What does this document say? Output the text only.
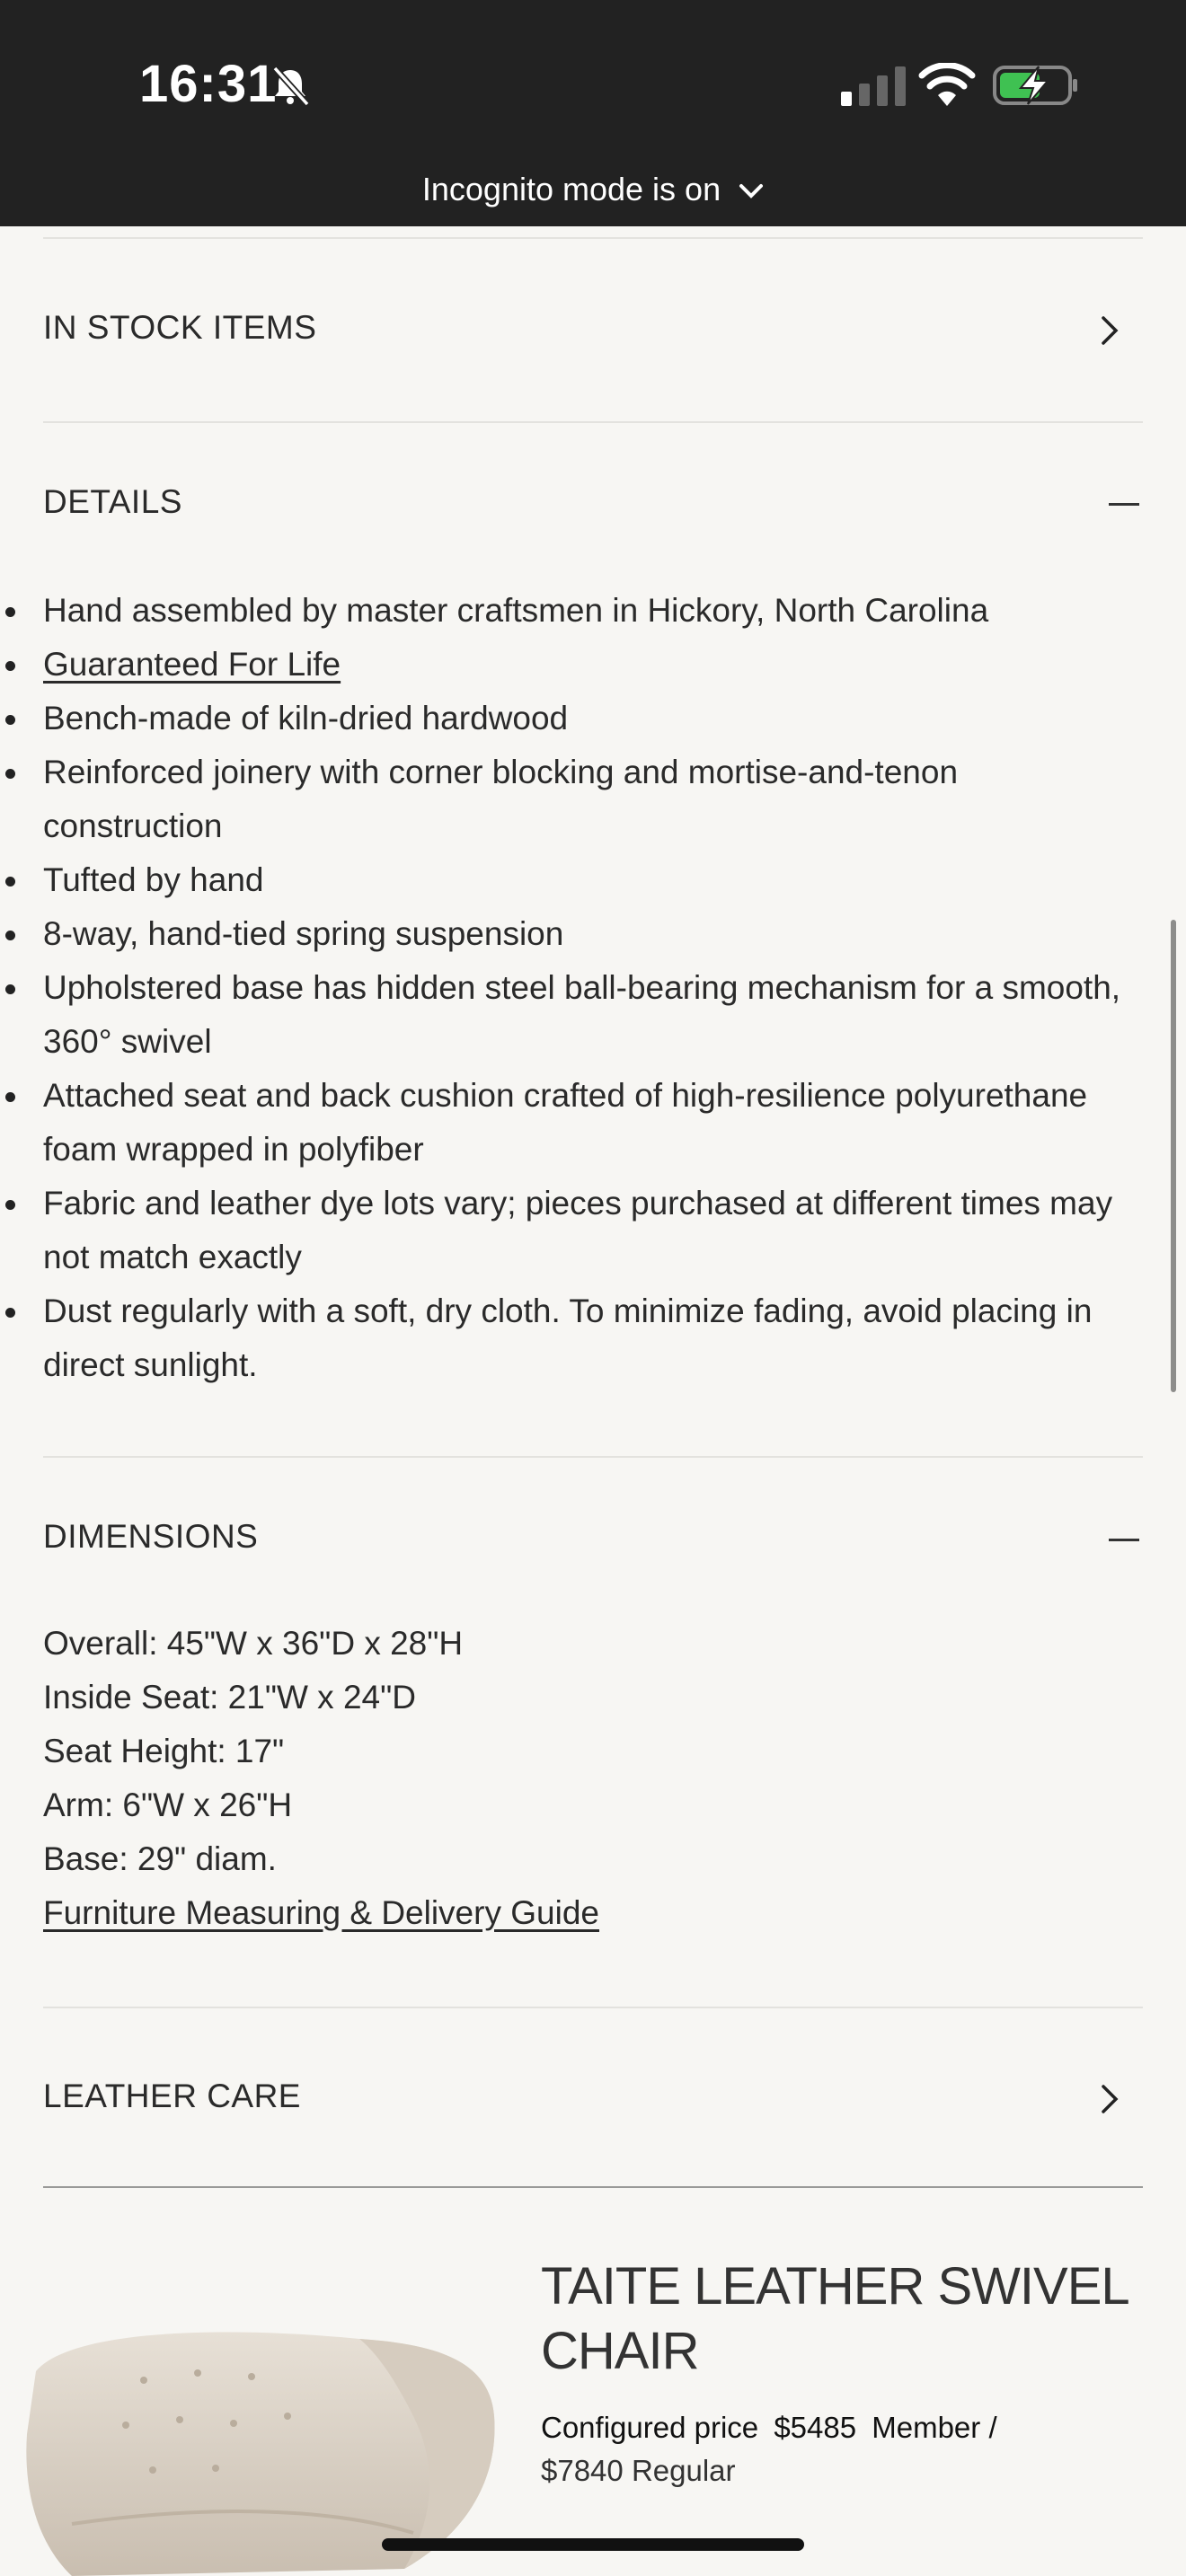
16:31
Incognito mode is on
IN STOCK ITEMS
DETAILS
Hand assembled by master craftsmen in Hickory, North Carolina
Guaranteed For Life
Bench-made of kiln-dried hardwood
Reinforced joinery with corner blocking and mortise-and-tenon construction
Tufted by hand
8-way, hand-tied spring suspension
Upholstered base has hidden steel ball-bearing mechanism for a smooth, 360° swivel
Attached seat and back cushion crafted of high-resilience polyurethane foam wrapped in polyfiber
Fabric and leather dye lots vary; pieces purchased at different times may not match exactly
Dust regularly with a soft, dry cloth. To minimize fading, avoid placing in direct sunlight.
DIMENSIONS
Overall: 45"W x 36"D x 28"H
Inside Seat: 21"W x 24"D
Seat Height: 17"
Arm: 6"W x 26"H
Base: 29" diam.
Furniture Measuring & Delivery Guide
LEATHER CARE
TAITE LEATHER SWIVEL CHAIR
Configured price $5485 Member /
$7840 Regular
